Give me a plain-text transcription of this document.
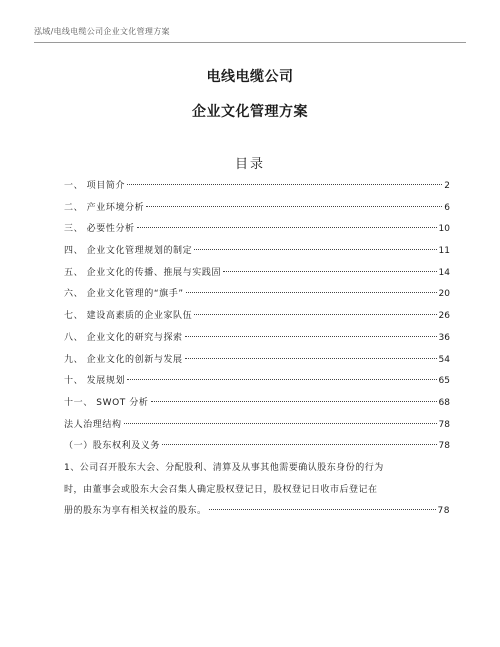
泓域/电线电缆公司企业文化管理方案
电线电缆公司
企业文化管理方案
目录
一、 项目简介	2
二、 产业环境分析	6
三、 必要性分析	10
四、 企业文化管理规划的制定	11
五、 企业文化的传播、推展与实践固	14
六、 企业文化管理的“旗手”	20
七、 建设高素质的企业家队伍	26
八、 企业文化的研究与探索	36
九、 企业文化的创新与发展	54
十、 发展规划	65
十一、 SWOT 分析	68
法人治理结构	78
（一）股东权利及义务	78
1、公司召开股东大会、分配股利、清算及从事其他需要确认股东身份的行为
时，由董事会或股东大会召集人确定股权登记日，股权登记日收市后登记在
册的股东为享有相关权益的股东。	78
